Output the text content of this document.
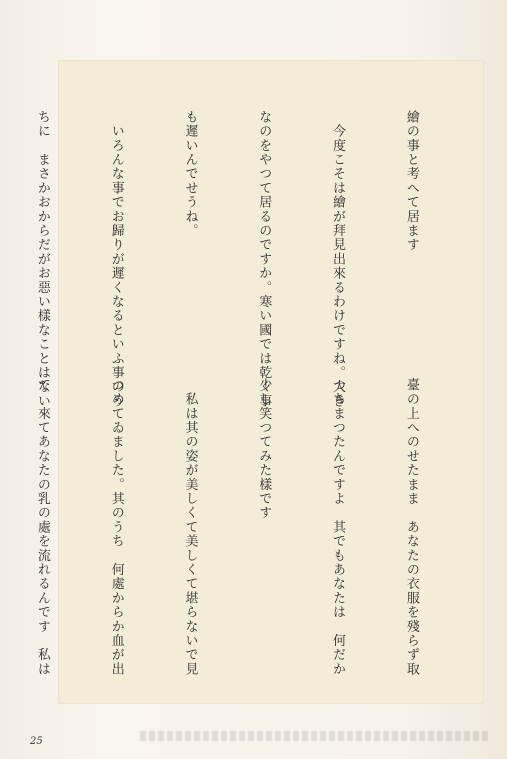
繪の事と考へて居ます

　今度こそは繪が拜見出來るわけですね。大き

なのをやつて居るのですか。寒い國では乾く事

も遲いんでせうね。

　いろんな事でお歸りが遲くなるといふ事のう

ちに　まさかおからだがお惡い樣なことはない

臺の上へのせたまま　あなたの衣服を殘らず取

つちまつたんですよ　其でもあなたは　何だか

少し笑つてみた樣です

　私は其の姿が美しくて美しくて堪らないで見

つめてゐました。其のうち　何處からか血が出

て　來てあなたの乳の處を流れるんです　私は

25
